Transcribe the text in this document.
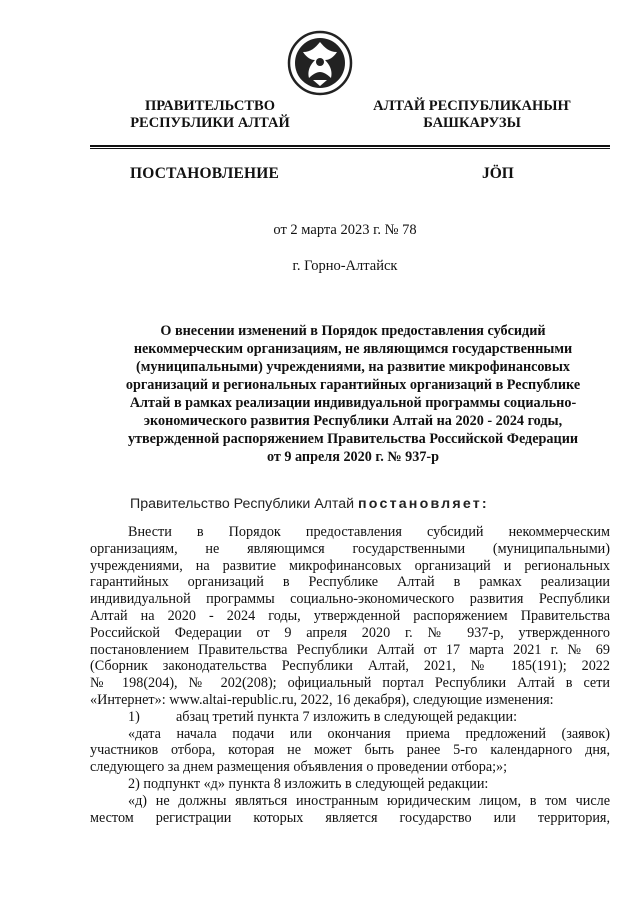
ПРАВИТЕЛЬСТВО
РЕСПУБЛИКИ АЛТАЙ
АЛТАЙ РЕСПУБЛИКАНЫҤ
БАШКАРУЗЫ
ПОСТАНОВЛЕНИЕ	JÖП
от 2 марта 2023 г. № 78
г. Горно-Алтайск
О внесении изменений в Порядок предоставления субсидий
некоммерческим организациям, не являющимся государственными
(муниципальными) учреждениями, на развитие микрофинансовых
организаций и региональных гарантийных организаций в Республике
Алтай в рамках реализации индивидуальной программы социально-
экономического развития Республики Алтай на 2020 - 2024 годы,
утвержденной распоряжением Правительства Российской Федерации
от 9 апреля 2020 г. № 937-р
Правительство Республики Алтай постановляет:
Внести в Порядок предоставления субсидий некоммерческим
организациям, не являющимся государственными (муниципальными)
учреждениями, на развитие микрофинансовых организаций и региональных
гарантийных организаций в Республике Алтай в рамках реализации
индивидуальной программы социально-экономического развития Республики
Алтай на 2020 - 2024 годы, утвержденной распоряжением Правительства
Российской Федерации от 9 апреля 2020 г. № 937-р, утвержденного
постановлением Правительства Республики Алтай от 17 марта 2021 г. № 69
(Сборник законодательства Республики Алтай, 2021, № 185(191); 2022
№ 198(204), № 202(208); официальный портал Республики Алтай в сети
«Интернет»: www.altai-republic.ru, 2022, 16 декабря), следующие изменения:
1)	абзац третий пункта 7 изложить в следующей редакции:
«дата начала подачи или окончания приема предложений (заявок)
участников отбора, которая не может быть ранее 5-го календарного дня,
следующего за днем размещения объявления о проведении отбора;»;
2) подпункт «д» пункта 8 изложить в следующей редакции:
«д) не должны являться иностранным юридическим лицом, в том числе
местом регистрации которых является государство или территория,
